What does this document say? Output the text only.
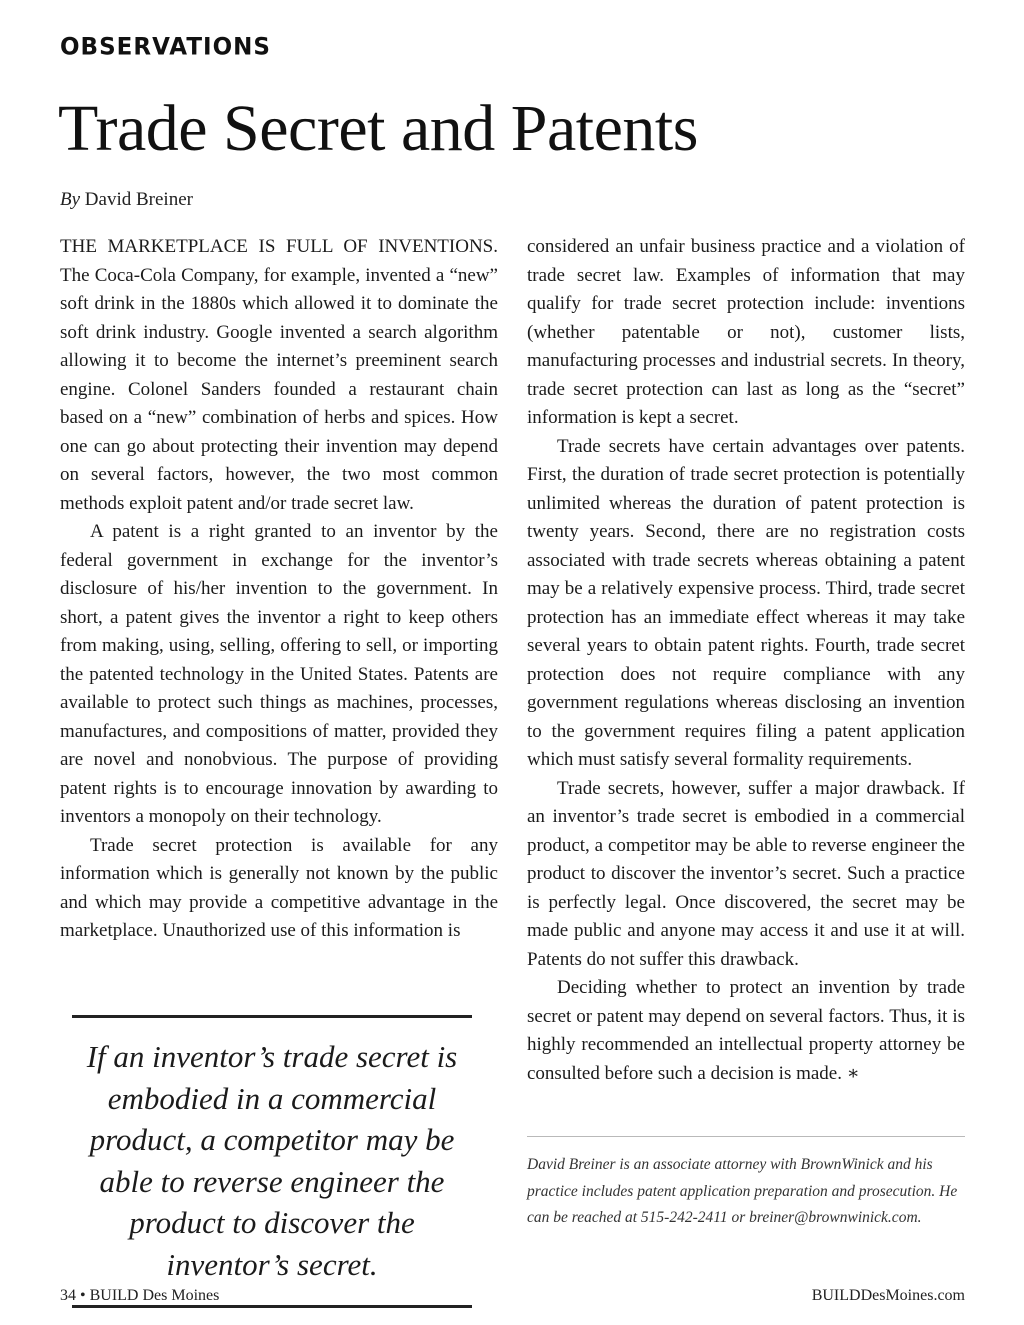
OBSERVATIONS
Trade Secret and Patents
By David Breiner

THE MARKETPLACE IS FULL OF INVENTIONS. The Coca-Cola Company, for example, invented a “new” soft drink in the 1880s which allowed it to dominate the soft drink industry. Google invented a search algorithm allowing it to become the internet’s preeminent search engine. Colonel Sanders founded a restaurant chain based on a “new” combination of herbs and spices. How one can go about protecting their invention may depend on several factors, however, the two most common methods exploit patent and/or trade secret law.

A patent is a right granted to an inventor by the federal government in exchange for the inventor’s disclosure of his/her invention to the government. In short, a patent gives the inventor a right to keep others from making, using, selling, offering to sell, or importing the patented technology in the United States. Patents are available to protect such things as machines, processes, manufactures, and compositions of matter, provided they are novel and nonobvious. The purpose of providing patent rights is to encourage innovation by awarding to inventors a monopoly on their technology.

Trade secret protection is available for any information which is generally not known by the public and which may provide a competitive advantage in the marketplace. Unauthorized use of this information is

If an inventor’s trade secret is embodied in a commercial product, a competitor may be able to reverse engineer the product to discover the inventor’s secret.

considered an unfair business practice and a violation of trade secret law. Examples of information that may qualify for trade secret protection include: inventions (whether patentable or not), customer lists, manufacturing processes and industrial secrets. In theory, trade secret protection can last as long as the “secret” information is kept a secret.

Trade secrets have certain advantages over patents. First, the duration of trade secret protection is potentially unlimited whereas the duration of patent protection is twenty years. Second, there are no registration costs associated with trade secrets whereas obtaining a patent may be a relatively expensive process. Third, trade secret protection has an immediate effect whereas it may take several years to obtain patent rights. Fourth, trade secret protection does not require compliance with any government regulations whereas disclosing an invention to the government requires filing a patent application which must satisfy several formality requirements.

Trade secrets, however, suffer a major drawback. If an inventor’s trade secret is embodied in a commercial product, a competitor may be able to reverse engineer the product to discover the inventor’s secret. Such a practice is perfectly legal. Once discovered, the secret may be made public and anyone may access it and use it at will. Patents do not suffer this drawback.

Deciding whether to protect an invention by trade secret or patent may depend on several factors. Thus, it is highly recommended an intellectual property attorney be consulted before such a decision is made. ∗

David Breiner is an associate attorney with BrownWinick and his practice includes patent application preparation and prosecution. He can be reached at 515-242-2411 or breiner@brownwinick.com.
34 • BUILD Des Moines	BUILDDesMoines.com
